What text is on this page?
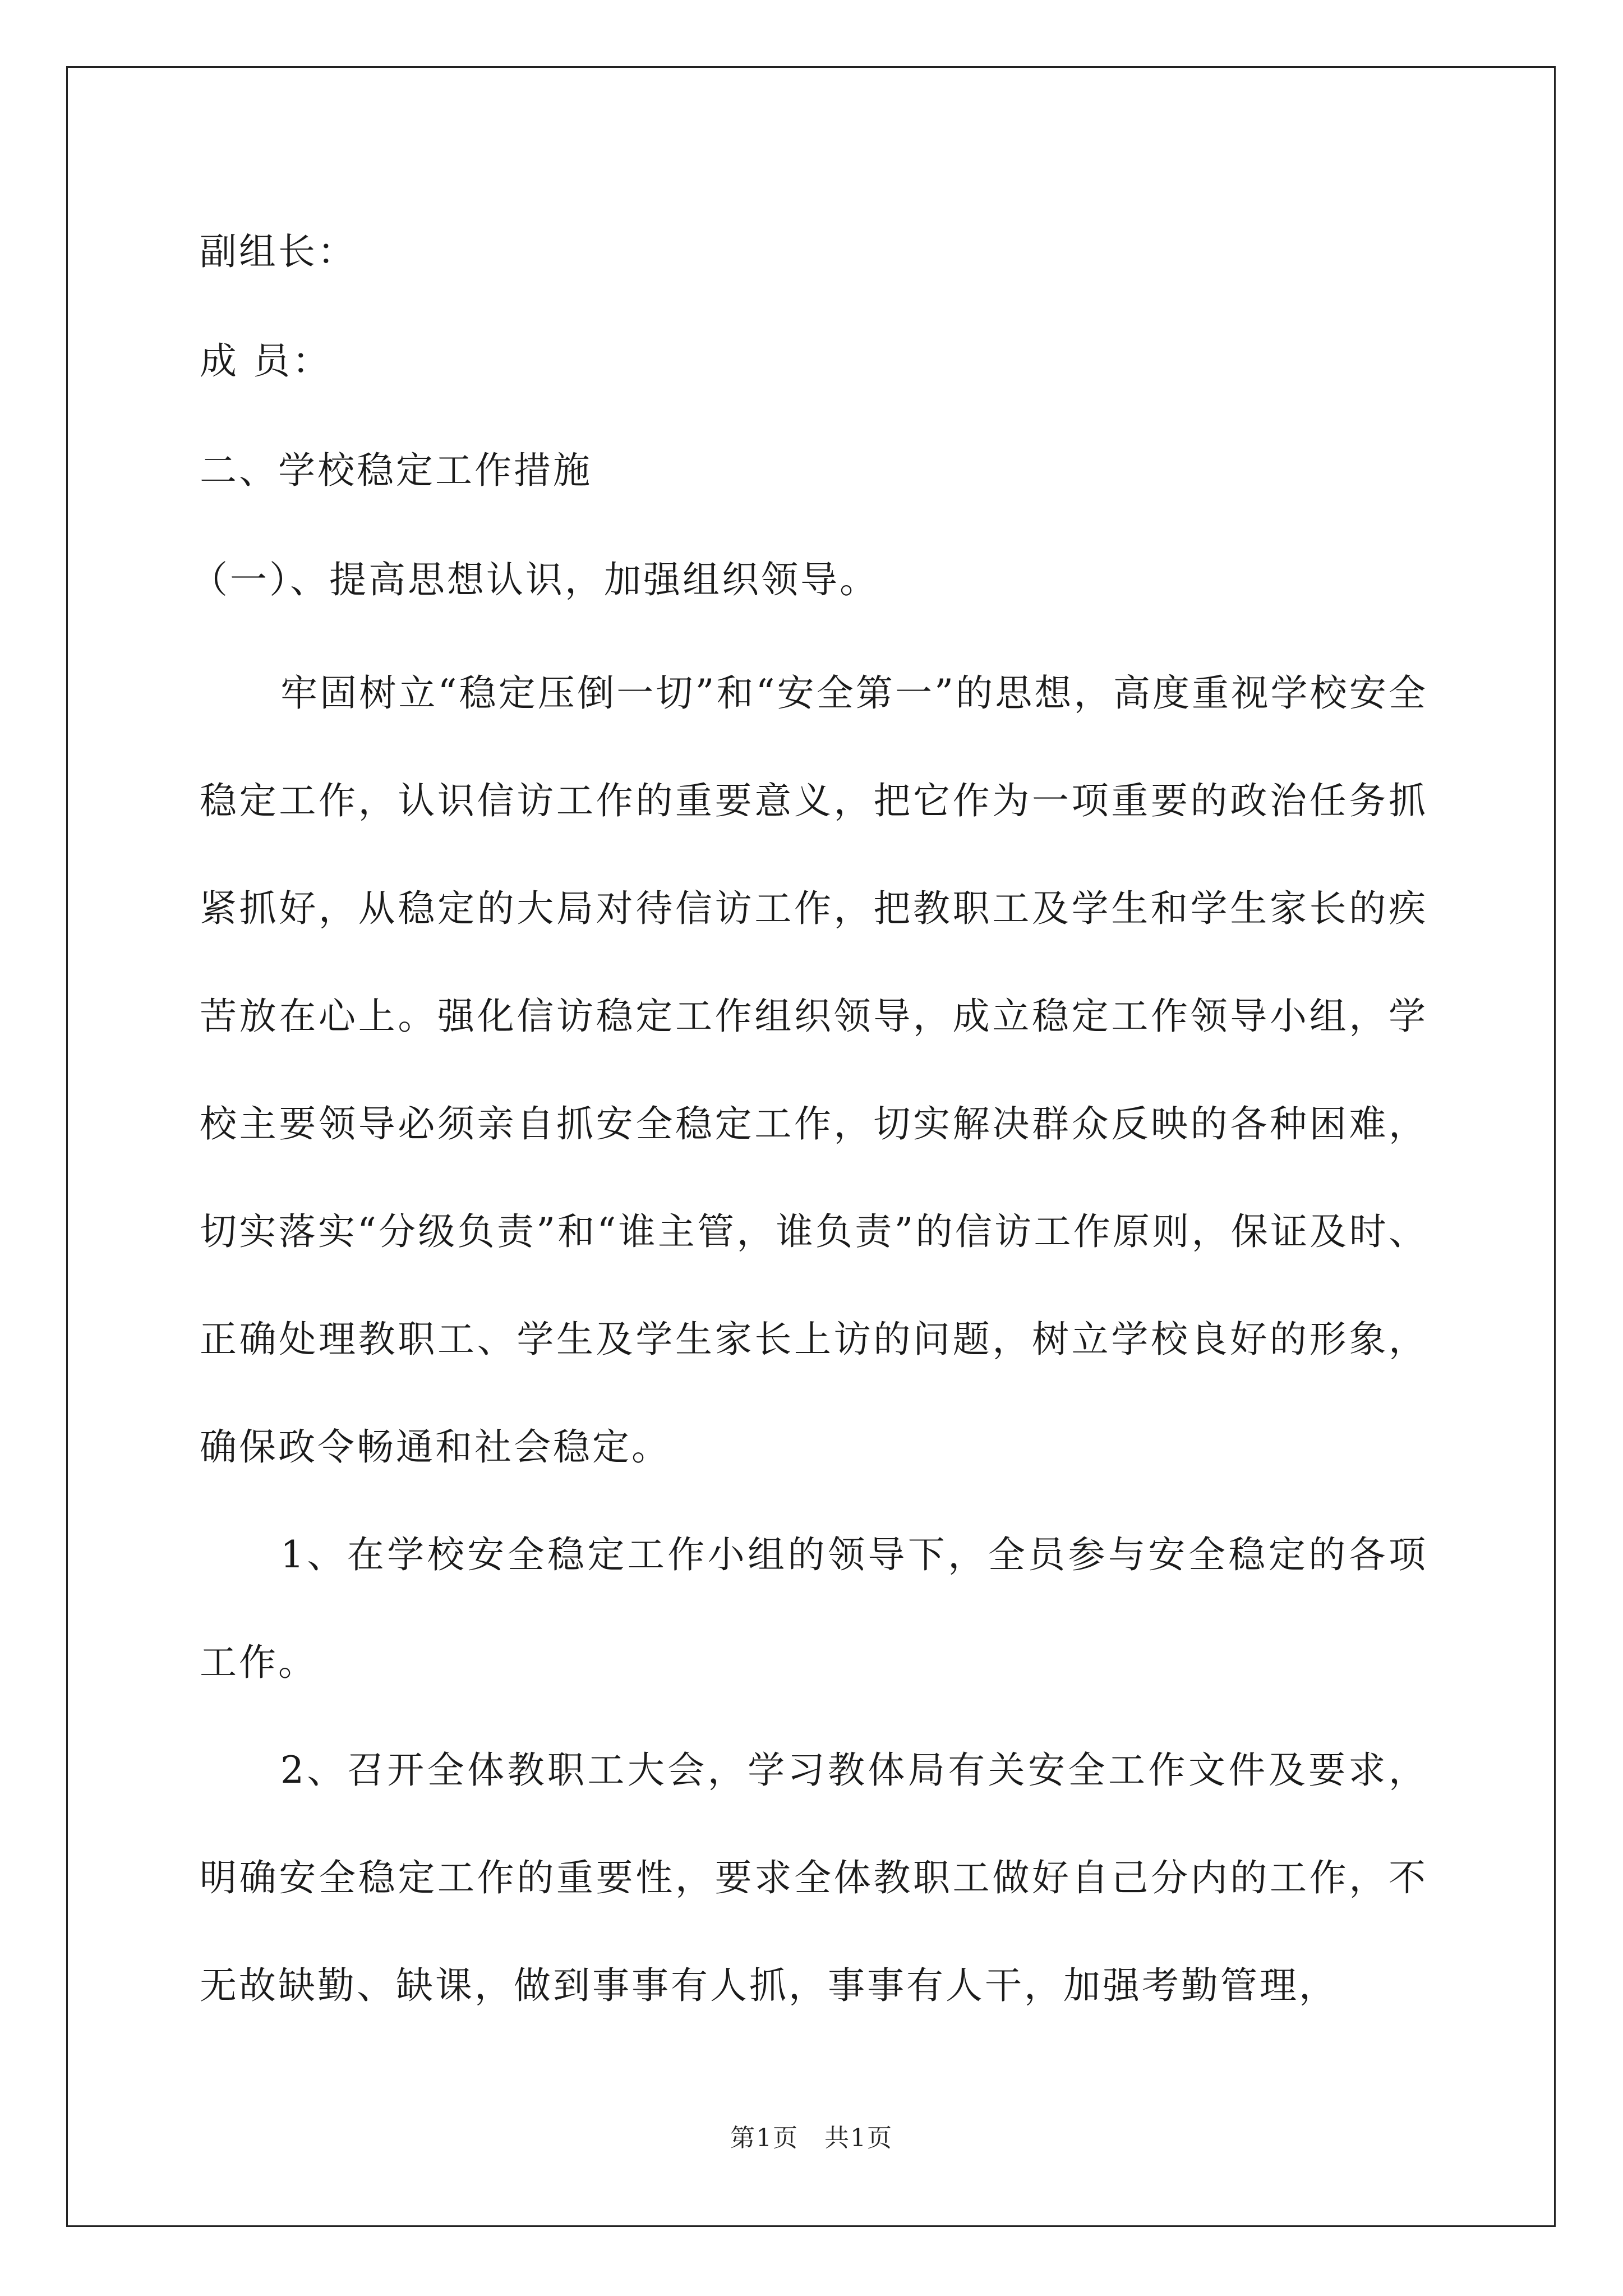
副组长：
成 员：
二、学校稳定工作措施
（一）、提高思想认识，加强组织领导。

牢固树立“稳定压倒一切”和“安全第一”的思想，高度重视学校安全稳定工作，认识信访工作的重要意义，把它作为一项重要的政治任务抓紧抓好，从稳定的大局对待信访工作，把教职工及学生和学生家长的疾苦放在心上。强化信访稳定工作组织领导，成立稳定工作领导小组，学校主要领导必须亲自抓安全稳定工作，切实解决群众反映的各种困难，切实落实“分级负责”和“谁主管，谁负责”的信访工作原则，保证及时、正确处理教职工、学生及学生家长上访的问题，树立学校良好的形象，确保政令畅通和社会稳定。

1、在学校安全稳定工作小组的领导下，全员参与安全稳定的各项工作。

2、召开全体教职工大会，学习教体局有关安全工作文件及要求，明确安全稳定工作的重要性，要求全体教职工做好自己分内的工作，不无故缺勤、缺课，做到事事有人抓，事事有人干，加强考勤管理，

第1页　共1页
